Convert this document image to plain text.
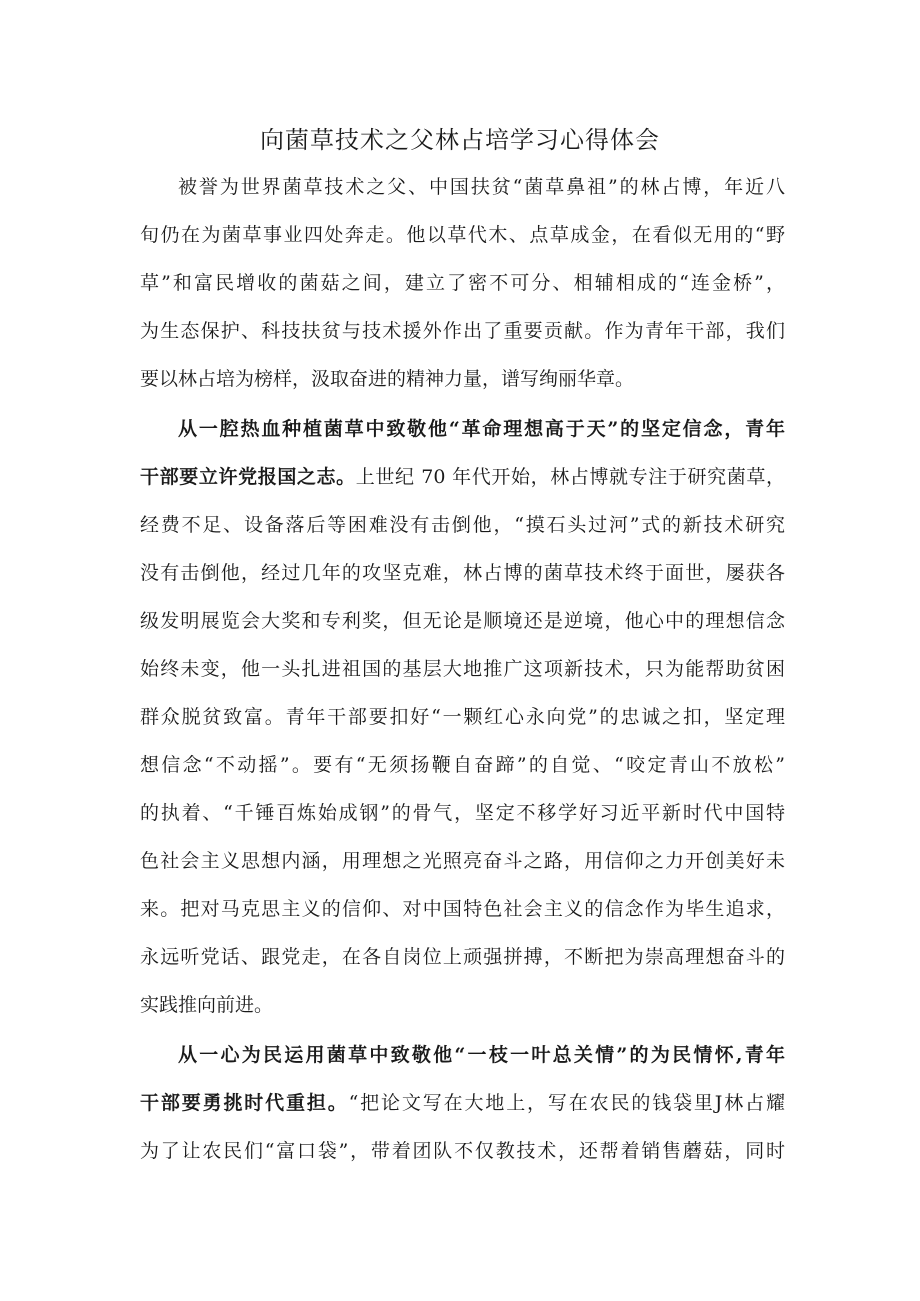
向菌草技术之父林占培学习心得体会
被誉为世界菌草技术之父、中国扶贫“菌草鼻祖”的林占博，年近八
旬仍在为菌草事业四处奔走。他以草代木、点草成金，在看似无用的“野
草”和富民增收的菌菇之间，建立了密不可分、相辅相成的“连金桥”，
为生态保护、科技扶贫与技术援外作出了重要贡献。作为青年干部，我们
要以林占培为榜样，汲取奋进的精神力量，谱写绚丽华章。
从一腔热血种植菌草中致敬他“革命理想高于天”的坚定信念，青年
干部要立许党报国之志。上世纪 70 年代开始，林占博就专注于研究菌草，
经费不足、设备落后等困难没有击倒他，“摸石头过河”式的新技术研究
没有击倒他，经过几年的攻坚克难，林占博的菌草技术终于面世，屡获各
级发明展览会大奖和专利奖，但无论是顺境还是逆境，他心中的理想信念
始终未变，他一头扎进祖国的基层大地推广这项新技术，只为能帮助贫困
群众脱贫致富。青年干部要扣好“一颗红心永向党”的忠诚之扣，坚定理
想信念“不动摇”。要有“无须扬鞭自奋蹄”的自觉、“咬定青山不放松”
的执着、“千锤百炼始成钢”的骨气，坚定不移学好习近平新时代中国特
色社会主义思想内涵，用理想之光照亮奋斗之路，用信仰之力开创美好未
来。把对马克思主义的信仰、对中国特色社会主义的信念作为毕生追求，
永远听党话、跟党走，在各自岗位上顽强拼搏，不断把为崇高理想奋斗的
实践推向前进。
从一心为民运用菌草中致敬他“一枝一叶总关情”的为民情怀,青年
干部要勇挑时代重担。“把论文写在大地上，写在农民的钱袋里J林占耀
为了让农民们“富口袋”，带着团队不仅教技术，还帮着销售蘑菇，同时
